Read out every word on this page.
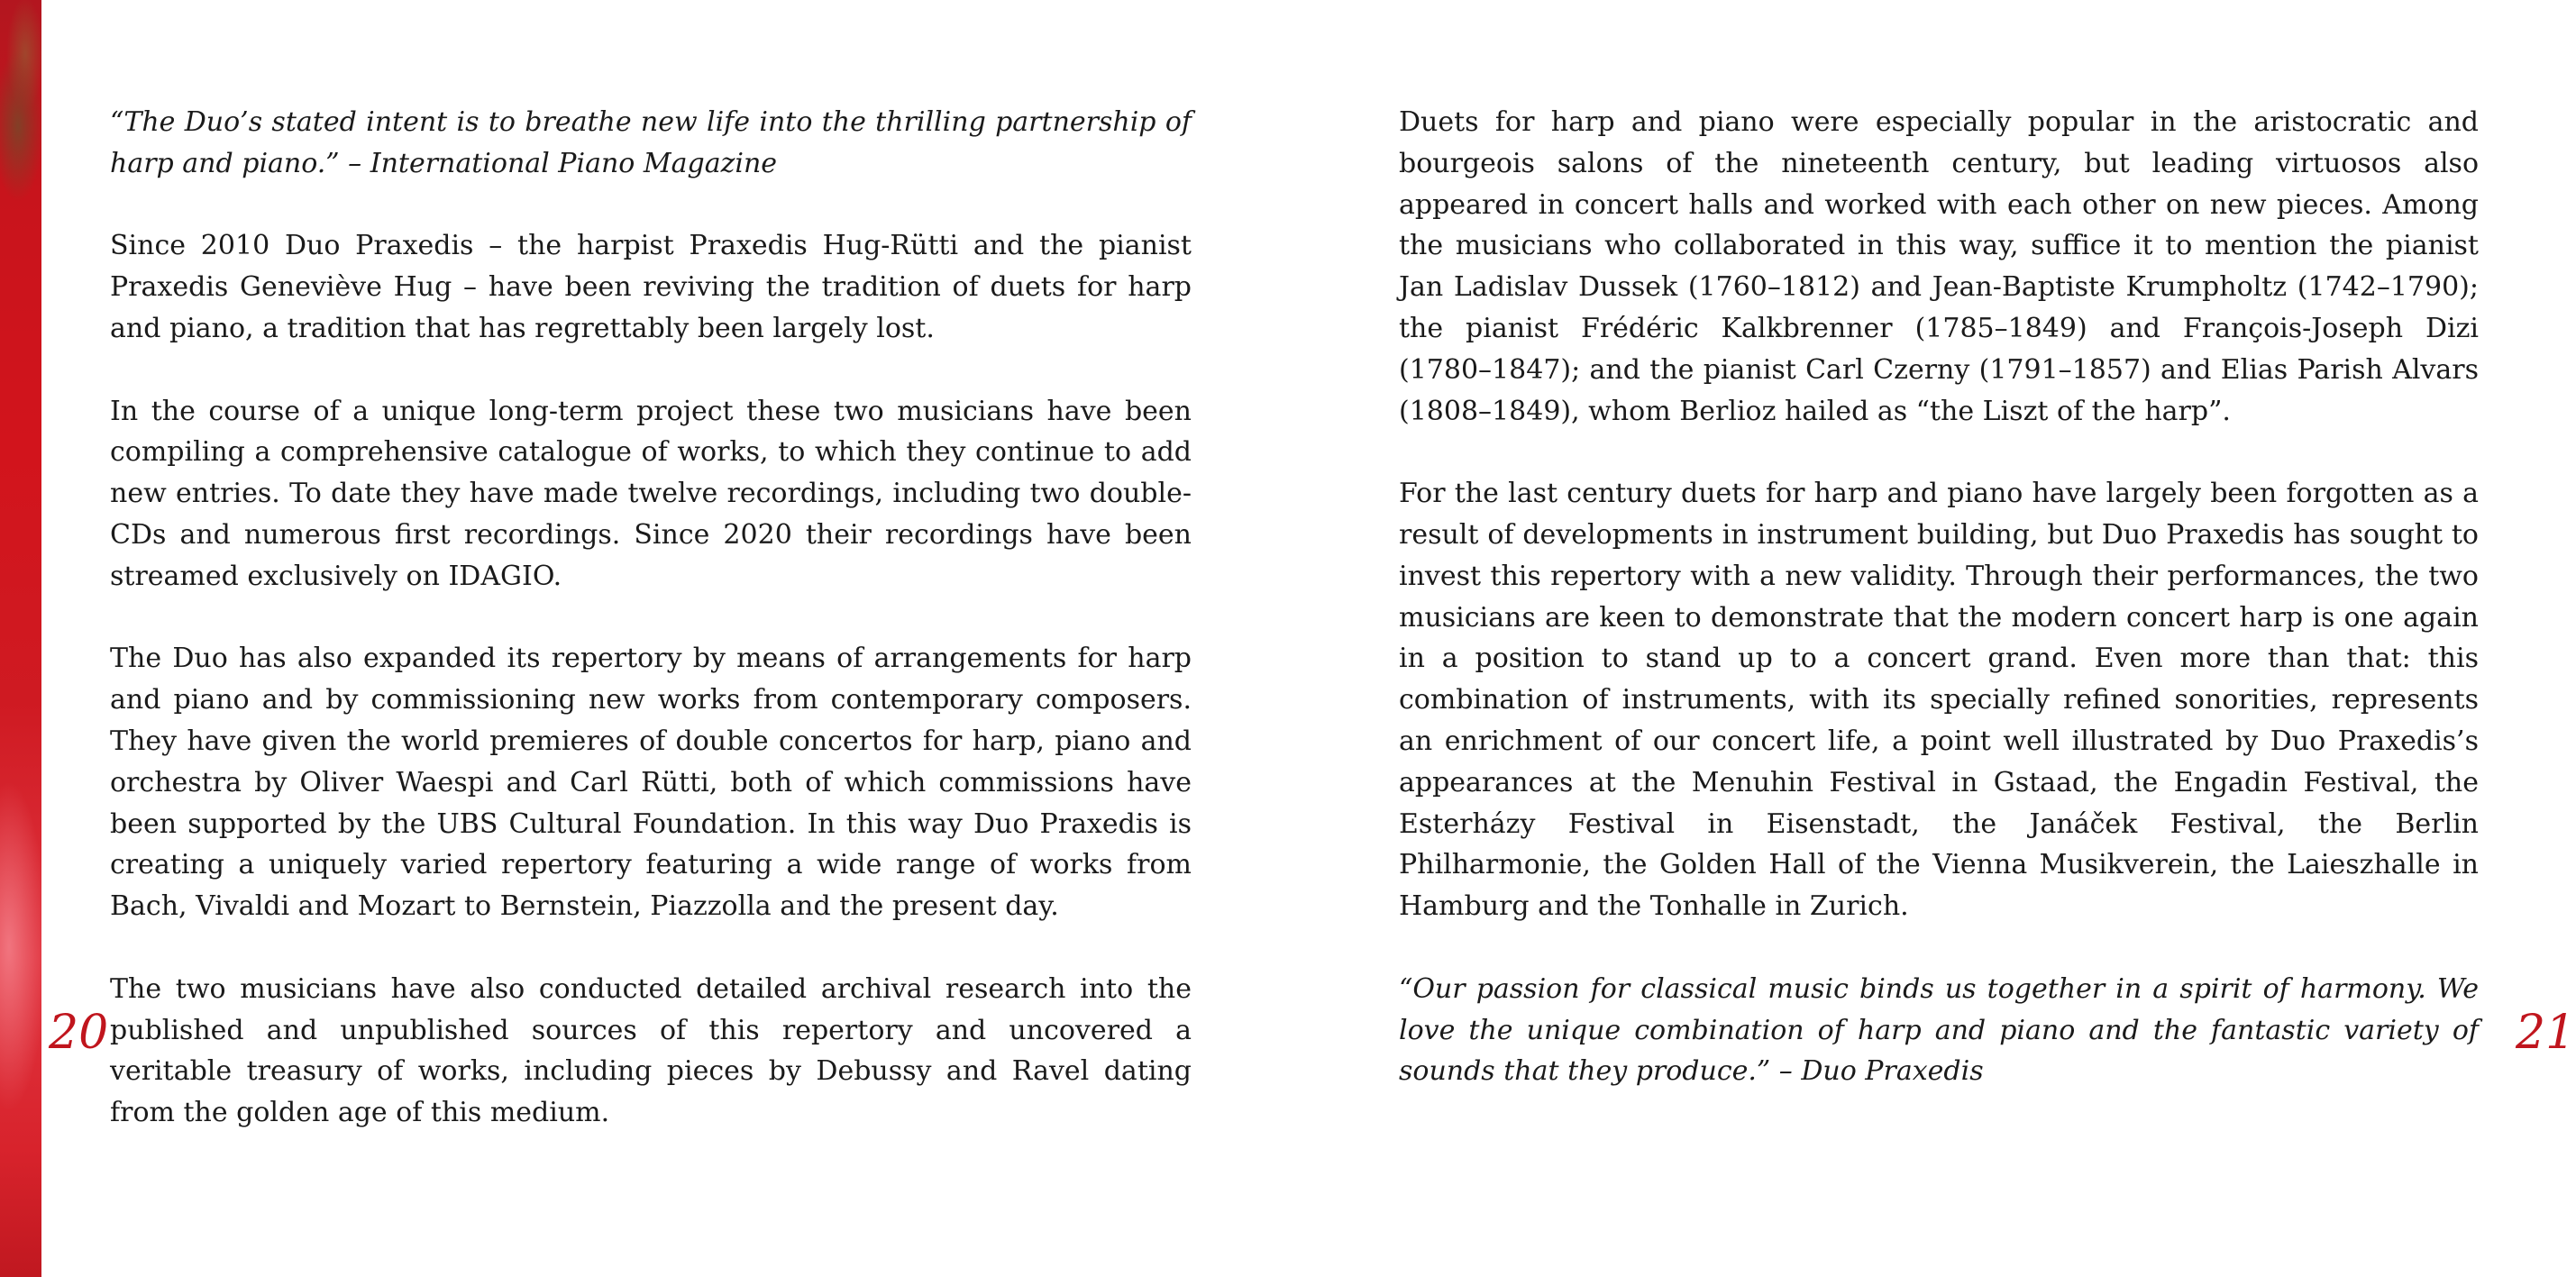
“The Duo’s stated intent is to breathe new life into the thrilling partnership of harp and piano.” – International Piano Magazine

Since 2010 Duo Praxedis – the harpist Praxedis Hug-Rütti and the pianist Praxedis Geneviève Hug – have been reviving the tradition of duets for harp and piano, a tradition that has regrettably been largely lost.

In the course of a unique long-term project these two musicians have been compiling a comprehensive catalogue of works, to which they continue to add new entries. To date they have made twelve recordings, including two double-CDs and numerous first recordings. Since 2020 their recordings have been streamed exclusively on IDAGIO.

The Duo has also expanded its repertory by means of arrangements for harp and piano and by commissioning new works from contemporary composers. They have given the world premieres of double concertos for harp, piano and orchestra by Oliver Waespi and Carl Rütti, both of which commissions have been supported by the UBS Cultural Foundation. In this way Duo Praxedis is creating a uniquely varied repertory featuring a wide range of works from Bach, Vivaldi and Mozart to Bernstein, Piazzolla and the present day.

The two musicians have also conducted detailed archival research into the published and unpublished sources of this repertory and uncovered a veritable treasury of works, including pieces by Debussy and Ravel dating from the golden age of this medium.

20

Duets for harp and piano were especially popular in the aristocratic and bourgeois salons of the nineteenth century, but leading virtuosos also appeared in concert halls and worked with each other on new pieces. Among the musicians who collaborated in this way, suffice it to mention the pianist Jan Ladislav Dussek (1760–1812) and Jean-Baptiste Krumpholtz (1742–1790); the pianist Frédéric Kalkbrenner (1785–1849) and François-Joseph Dizi (1780–1847); and the pianist Carl Czerny (1791–1857) and Elias Parish Alvars (1808–1849), whom Berlioz hailed as “the Liszt of the harp”.

For the last century duets for harp and piano have largely been forgotten as a result of developments in instrument building, but Duo Praxedis has sought to invest this repertory with a new validity. Through their performances, the two musicians are keen to demonstrate that the modern concert harp is one again in a position to stand up to a concert grand. Even more than that: this combination of instruments, with its specially refined sonorities, represents an enrichment of our concert life, a point well illustrated by Duo Praxedis’s appearances at the Menuhin Festival in Gstaad, the Engadin Festival, the Esterházy Festival in Eisenstadt, the Janáček Festival, the Berlin Philharmonie, the Golden Hall of the Vienna Musikverein, the Laieszhalle in Hamburg and the Tonhalle in Zurich.

“Our passion for classical music binds us together in a spirit of harmony. We love the unique combination of harp and piano and the fantastic variety of sounds that they produce.” – Duo Praxedis

21
